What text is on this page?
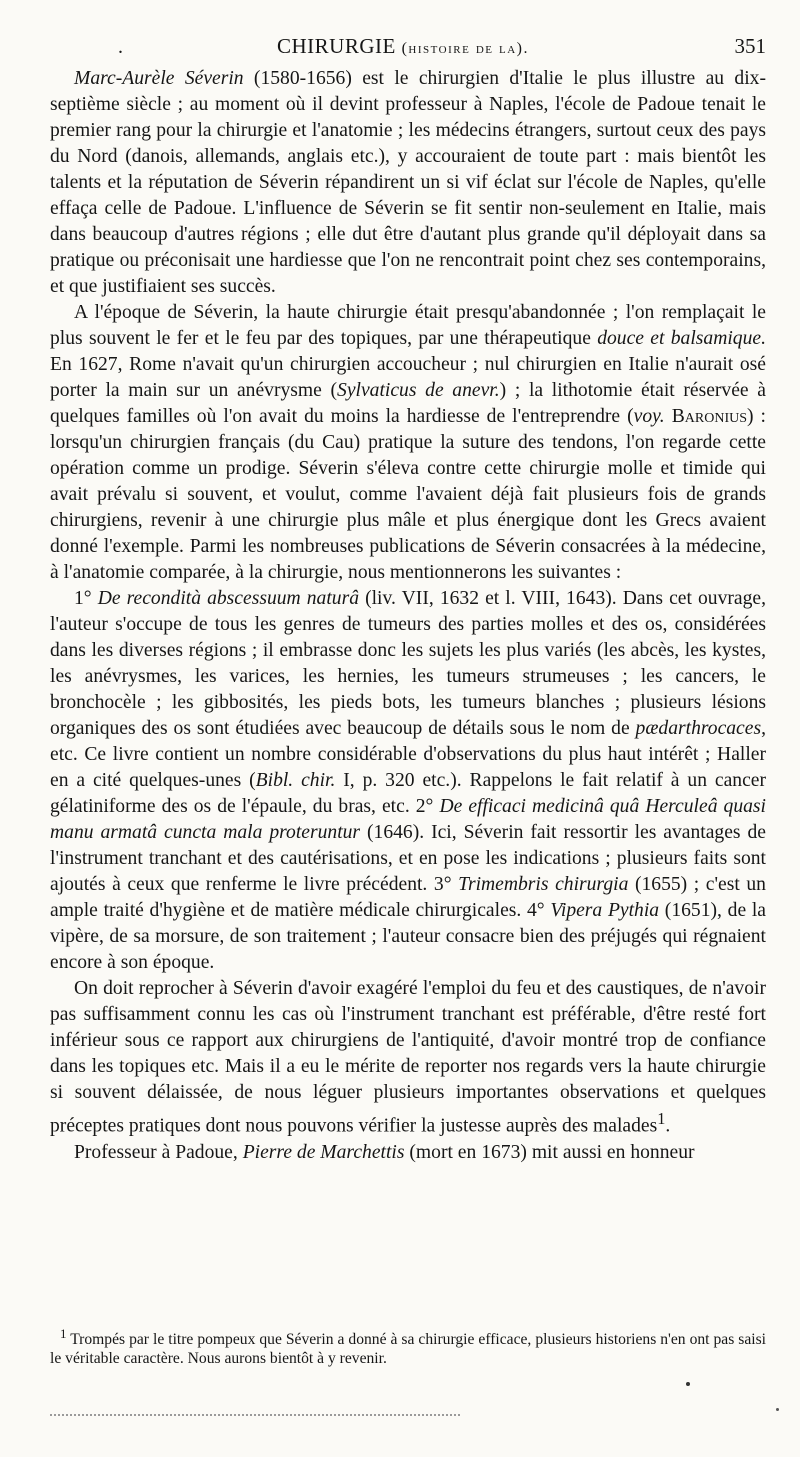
.	CHIRURGIE (histoire de la).	351

Marc-Aurèle Séverin (1580-1656) est le chirurgien d'Italie le plus illustre au dix-septième siècle ; au moment où il devint professeur à Naples, l'école de Padoue tenait le premier rang pour la chirurgie et l'anatomie ; les médecins étrangers, surtout ceux des pays du Nord (danois, allemands, anglais etc.), y accouraient de toute part : mais bientôt les talents et la réputation de Séverin répandirent un si vif éclat sur l'école de Naples, qu'elle effaça celle de Padoue. L'influence de Séverin se fit sentir non-seulement en Italie, mais dans beaucoup d'autres régions ; elle dut être d'autant plus grande qu'il déployait dans sa pratique ou préconisait une hardiesse que l'on ne rencontrait point chez ses contemporains, et que justifiaient ses succès.

A l'époque de Séverin, la haute chirurgie était presqu'abandonnée ; l'on remplaçait le plus souvent le fer et le feu par des topiques, par une thérapeutique douce et balsamique. En 1627, Rome n'avait qu'un chirurgien accoucheur ; nul chirurgien en Italie n'aurait osé porter la main sur un anévrysme (Sylvaticus de anevr.) ; la lithotomie était réservée à quelques familles où l'on avait du moins la hardiesse de l'entreprendre (voy. Baronius) : lorsqu'un chirurgien français (du Cau) pratique la suture des tendons, l'on regarde cette opération comme un prodige. Séverin s'éleva contre cette chirurgie molle et timide qui avait prévalu si souvent, et voulut, comme l'avaient déjà fait plusieurs fois de grands chirurgiens, revenir à une chirurgie plus mâle et plus énergique dont les Grecs avaient donné l'exemple. Parmi les nombreuses publications de Séverin consacrées à la médecine, à l'anatomie comparée, à la chirurgie, nous mentionnerons les suivantes :

1° De recondità abscessuum naturâ (liv. VII, 1632 et l. VIII, 1643). Dans cet ouvrage, l'auteur s'occupe de tous les genres de tumeurs des parties molles et des os, considérées dans les diverses régions ; il embrasse donc les sujets les plus variés (les abcès, les kystes, les anévrysmes, les varices, les hernies, les tumeurs strumeuses ; les cancers, le bronchocèle ; les gibbosités, les pieds bots, les tumeurs blanches ; plusieurs lésions organiques des os sont étudiées avec beaucoup de détails sous le nom de pædarthrocaces, etc. Ce livre contient un nombre considérable d'observations du plus haut intérêt ; Haller en a cité quelques-unes (Bibl. chir. I, p. 320 etc.). Rappelons le fait relatif à un cancer gélatiniforme des os de l'épaule, du bras, etc. 2° De efficaci medicinâ quâ Herculeâ quasi manu armatâ cuncta mala proteruntur (1646). Ici, Séverin fait ressortir les avantages de l'instrument tranchant et des cautérisations, et en pose les indications ; plusieurs faits sont ajoutés à ceux que renferme le livre précédent. 3° Trimembris chirurgia (1655) ; c'est un ample traité d'hygiène et de matière médicale chirurgicales. 4° Vipera Pythia (1651), de la vipère, de sa morsure, de son traitement ; l'auteur consacre bien des préjugés qui régnaient encore à son époque.

On doit reprocher à Séverin d'avoir exagéré l'emploi du feu et des caustiques, de n'avoir pas suffisamment connu les cas où l'instrument tranchant est préférable, d'être resté fort inférieur sous ce rapport aux chirurgiens de l'antiquité, d'avoir montré trop de confiance dans les topiques etc. Mais il a eu le mérite de reporter nos regards vers la haute chirurgie si souvent délaissée, de nous léguer plusieurs importantes observations et quelques préceptes pratiques dont nous pouvons vérifier la justesse auprès des malades$^1$.

Professeur à Padoue, Pierre de Marchettis (mort en 1673) mit aussi en honneur

$^1$ Trompés par le titre pompeux que Séverin a donné à sa chirurgie efficace, plusieurs historiens n'en ont pas saisi le véritable caractère. Nous aurons bientôt à y revenir.
